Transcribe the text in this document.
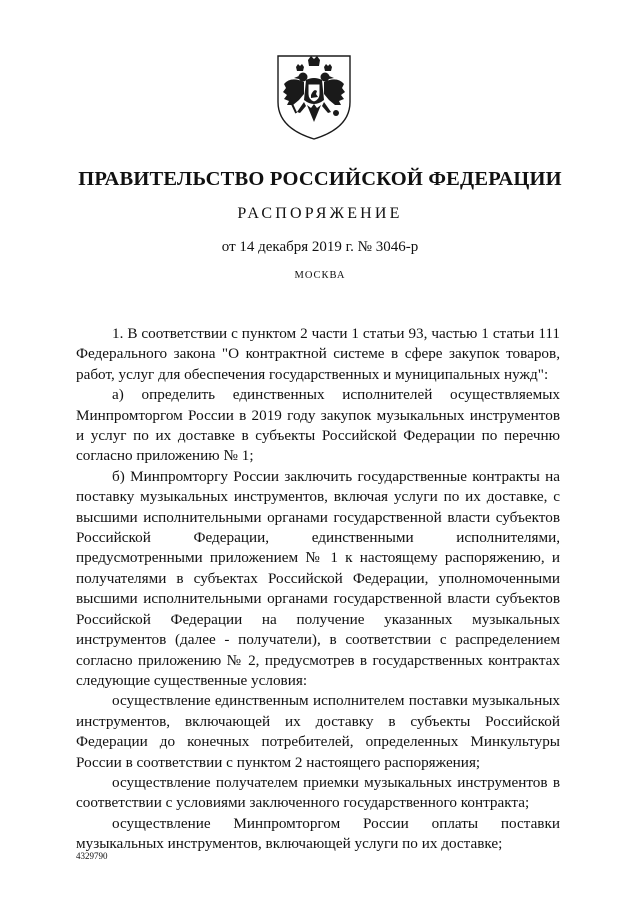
ПРАВИТЕЛЬСТВО РОССИЙСКОЙ ФЕДЕРАЦИИ
РАСПОРЯЖЕНИЕ
от 14 декабря 2019 г. № 3046-р
МОСКВА

1. В соответствии с пунктом 2 части 1 статьи 93, частью 1 статьи 111 Федерального закона "О контрактной системе в сфере закупок товаров, работ, услуг для обеспечения государственных и муниципальных нужд":

а) определить единственных исполнителей осуществляемых Минпромторгом России в 2019 году закупок музыкальных инструментов и услуг по их доставке в субъекты Российской Федерации по перечню согласно приложению № 1;

б) Минпромторгу России заключить государственные контракты на поставку музыкальных инструментов, включая услуги по их доставке, с высшими исполнительными органами государственной власти субъектов Российской Федерации, единственными исполнителями, предусмотренными приложением № 1 к настоящему распоряжению, и получателями в субъектах Российской Федерации, уполномоченными высшими исполнительными органами государственной власти субъектов Российской Федерации на получение указанных музыкальных инструментов (далее - получатели), в соответствии с распределением согласно приложению № 2, предусмотрев в государственных контрактах следующие существенные условия:

осуществление единственным исполнителем поставки музыкальных инструментов, включающей их доставку в субъекты Российской Федерации до конечных потребителей, определенных Минкультуры России в соответствии с пунктом 2 настоящего распоряжения;

осуществление получателем приемки музыкальных инструментов в соответствии с условиями заключенного государственного контракта;

осуществление Минпромторгом России оплаты поставки музыкальных инструментов, включающей услуги по их доставке;

4329790
